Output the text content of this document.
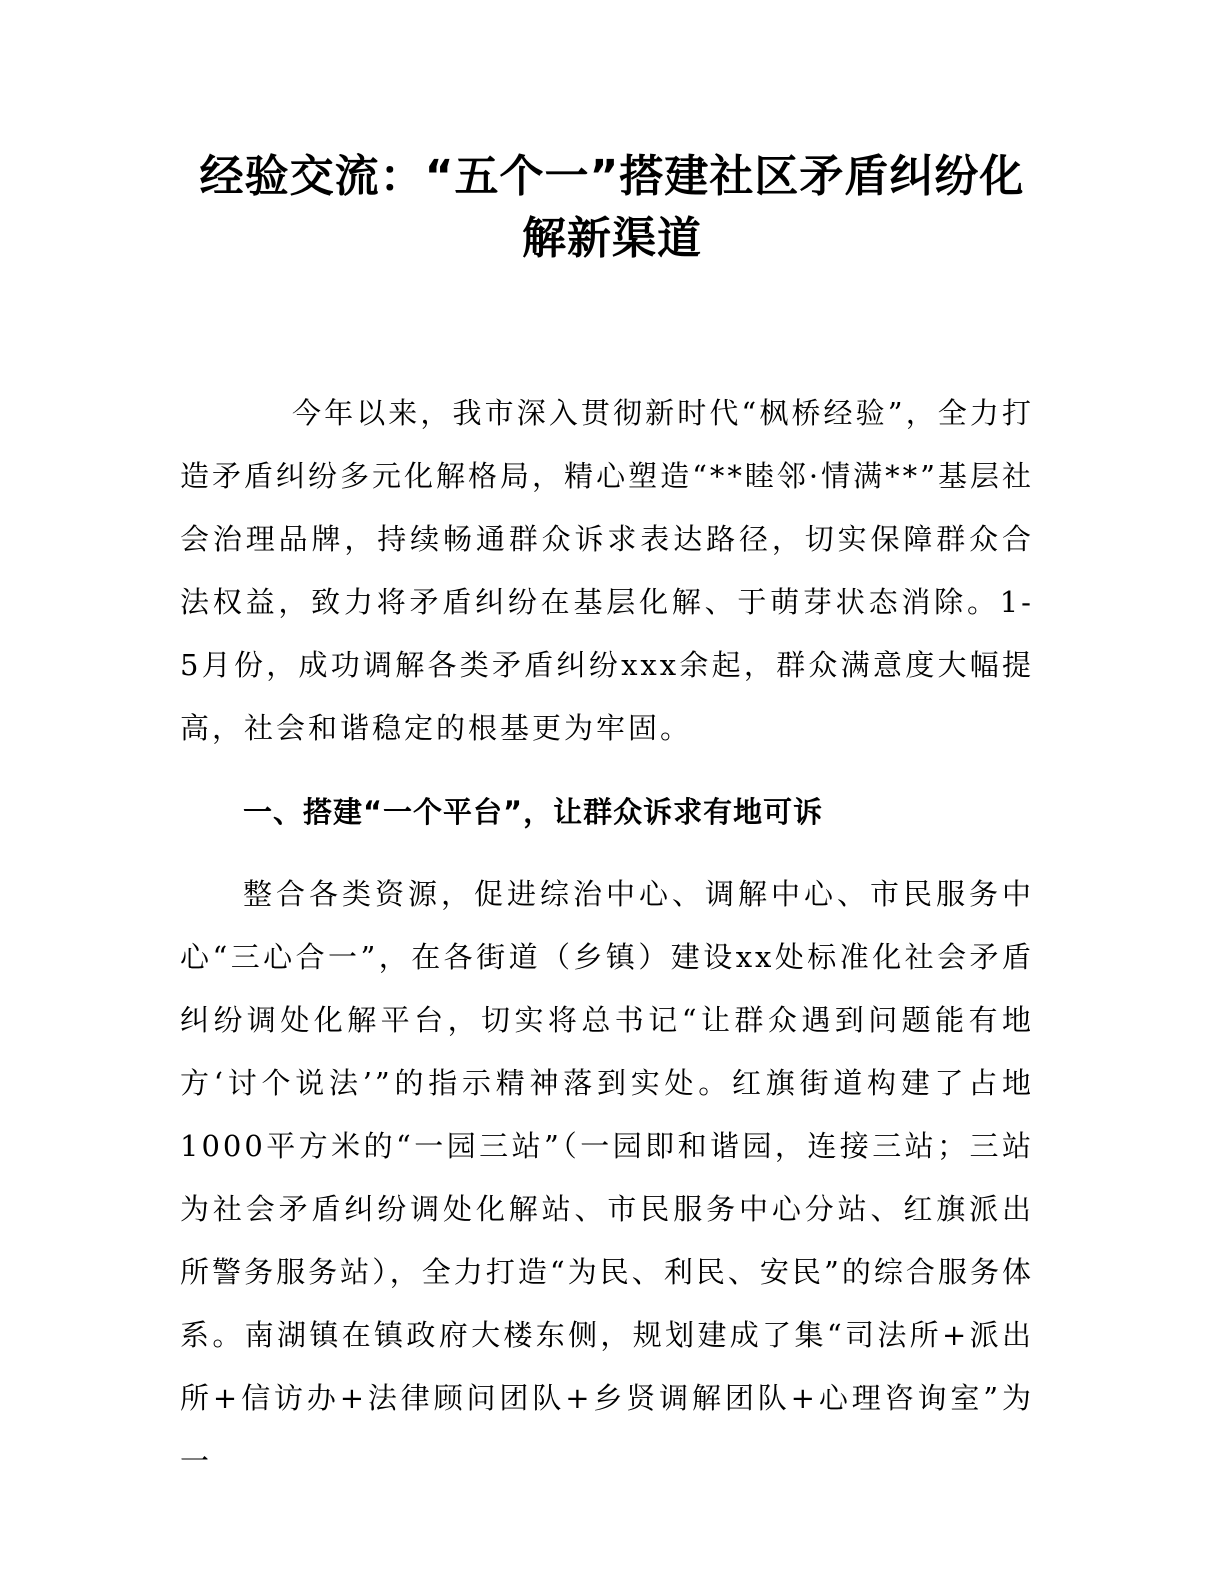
经验交流：“五个一”搭建社区矛盾纠纷化
解新渠道

今年以来，我市深入贯彻新时代“枫桥经验”，全力打造矛盾纠纷多元化解格局，精心塑造“**睦邻·情满**”基层社会治理品牌，持续畅通群众诉求表达路径，切实保障群众合法权益，致力将矛盾纠纷在基层化解、于萌芽状态消除。1-5月份，成功调解各类矛盾纠纷xxx余起，群众满意度大幅提高，社会和谐稳定的根基更为牢固。

一、搭建“一个平台”，让群众诉求有地可诉

整合各类资源，促进综治中心、调解中心、市民服务中心“三心合一”，在各街道（乡镇）建设xx处标准化社会矛盾纠纷调处化解平台，切实将总书记“让群众遇到问题能有地方‘讨个说法’”的指示精神落到实处。红旗街道构建了占地1000平方米的“一园三站”（一园即和谐园，连接三站；三站为社会矛盾纠纷调处化解站、市民服务中心分站、红旗派出所警务服务站），全力打造“为民、利民、安民”的综合服务体系。南湖镇在镇政府大楼东侧，规划建成了集“司法所+派出所+信访办+法律顾问团队+乡贤调解团队+心理咨询室”为一
